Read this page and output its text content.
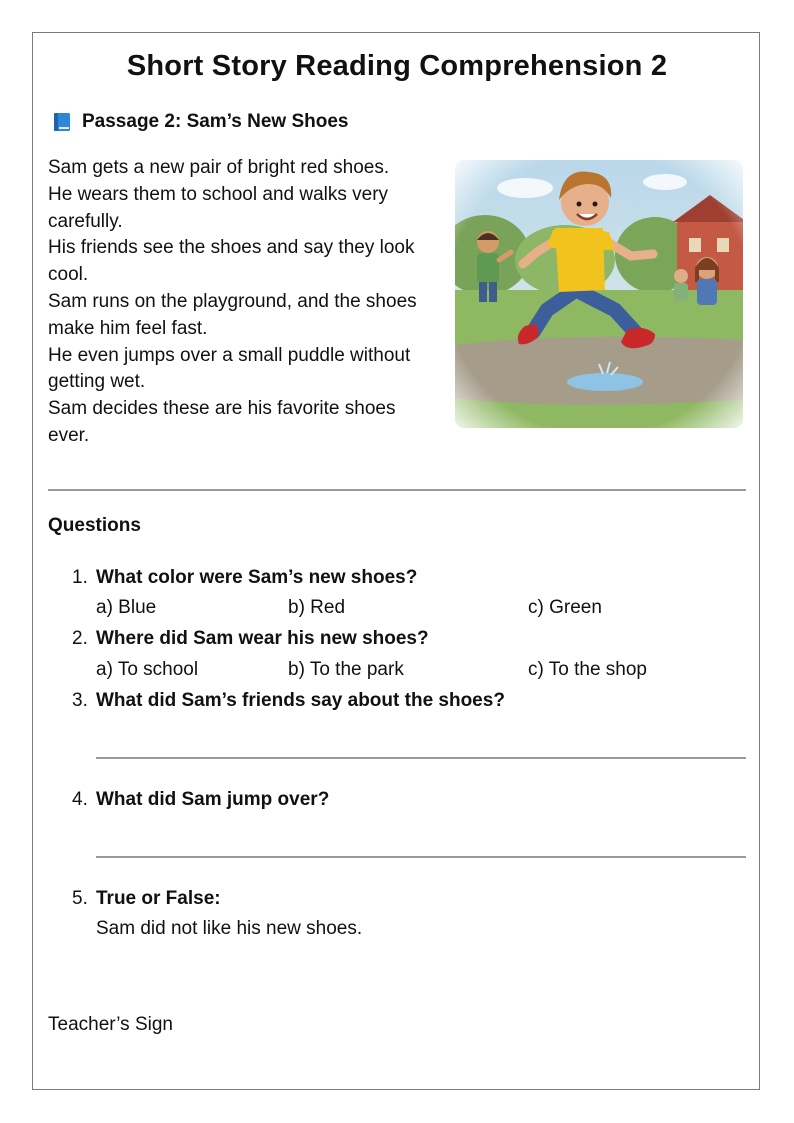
Short Story Reading Comprehension 2
Passage 2: Sam’s New Shoes
Sam gets a new pair of bright red shoes.
He wears them to school and walks very
carefully.
His friends see the shoes and say they look
cool.
Sam runs on the playground, and the shoes
make him feel fast.
He even jumps over a small puddle without
getting wet.
Sam decides these are his favorite shoes
ever.
Questions
1. What color were Sam’s new shoes?
a) Blue	b) Red	c) Green
2. Where did Sam wear his new shoes?
a) To school	b) To the park	c) To the shop
3. What did Sam’s friends say about the shoes?
4. What did Sam jump over?
5. True or False:
Sam did not like his new shoes.
Teacher’s Sign
